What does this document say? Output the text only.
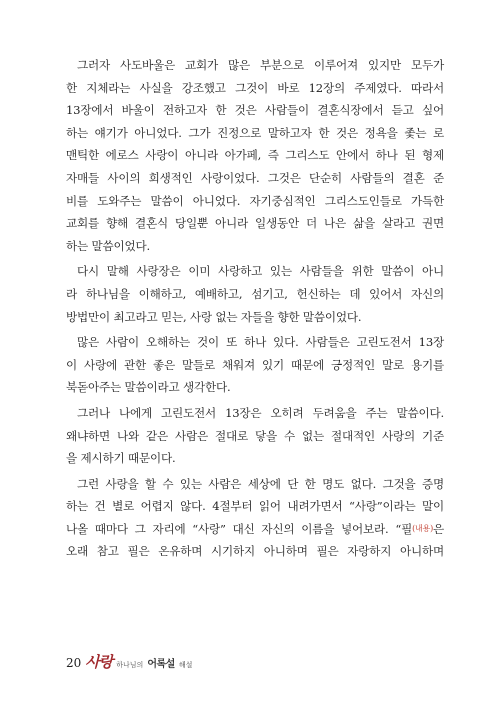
그러자 사도바울은 교회가 많은 부분으로 이루어져 있지만 모두가
한 지체라는 사실을 강조했고 그것이 바로 12장의 주제였다. 따라서
13장에서 바울이 전하고자 한 것은 사람들이 결혼식장에서 듣고 싶어
하는 얘기가 아니었다. 그가 진정으로 말하고자 한 것은 정욕을 좇는 로
맨틱한 에로스 사랑이 아니라 아가페, 즉 그리스도 안에서 하나 된 형제
자매들 사이의 희생적인 사랑이었다. 그것은 단순히 사람들의 결혼 준
비를 도와주는 말씀이 아니었다. 자기중심적인 그리스도인들로 가득한
교회를 향해 결혼식 당일뿐 아니라 일생동안 더 나은 삶을 살라고 권면
하는 말씀이었다.

다시 말해 사랑장은 이미 사랑하고 있는 사람들을 위한 말씀이 아니
라 하나님을 이해하고, 예배하고, 섬기고, 헌신하는 데 있어서 자신의
방법만이 최고라고 믿는, 사랑 없는 자들을 향한 말씀이었다.

많은 사람이 오해하는 것이 또 하나 있다. 사람들은 고린도전서 13장
이 사랑에 관한 좋은 말들로 채워져 있기 때문에 긍정적인 말로 용기를
북돋아주는 말씀이라고 생각한다.

그러나 나에게 고린도전서 13장은 오히려 두려움을 주는 말씀이다.
왜냐하면 나와 같은 사람은 절대로 닿을 수 없는 절대적인 사랑의 기준
을 제시하기 때문이다.

그런 사랑을 할 수 있는 사람은 세상에 단 한 명도 없다. 그것을 증명
하는 건 별로 어렵지 않다. 4절부터 읽어 내려가면서 “사랑”이라는 말이
나올 때마다 그 자리에 “사랑” 대신 자신의 이름을 넣어보라. “필$^{(내용)}$은
오래 참고 필은 온유하며 시기하지 아니하며 필은 자랑하지 아니하며

20 사랑 하나님의 어록설 해설
